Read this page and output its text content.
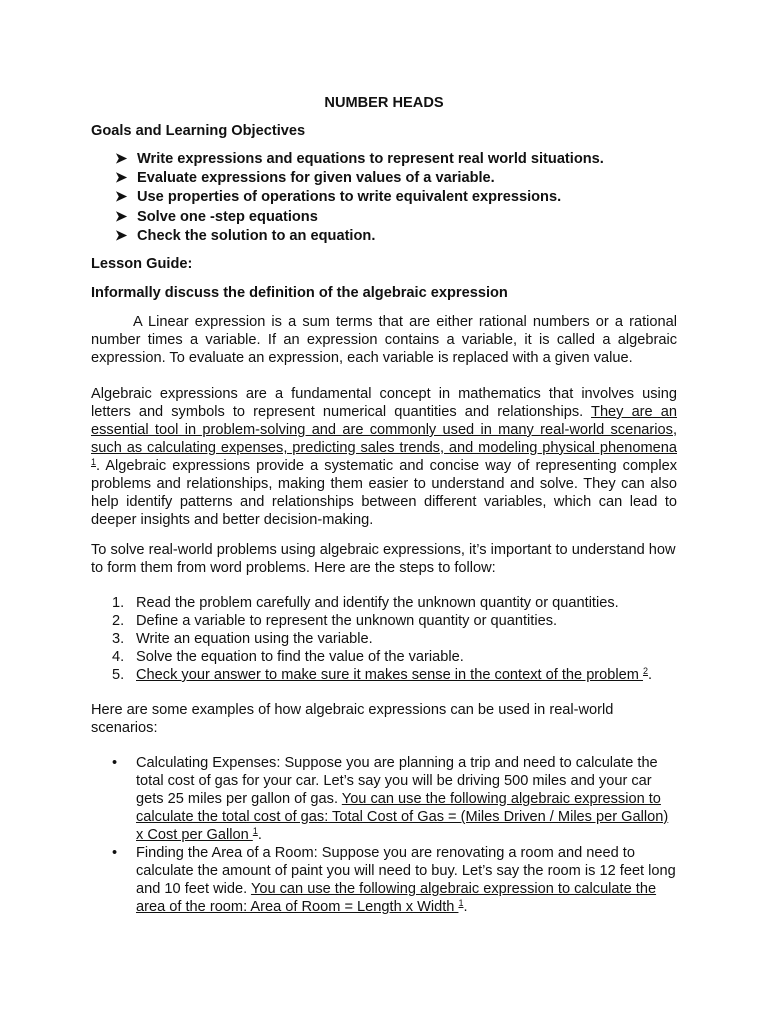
NUMBER HEADS

Goals and Learning Objectives

➤ Write expressions and equations to represent real world situations.
➤ Evaluate expressions for given values of a variable.
➤ Use properties of operations to write equivalent expressions.
➤ Solve one -step equations
➤ Check the solution to an equation.

Lesson Guide:

Informally discuss the definition of the algebraic expression

A Linear expression is a sum terms that are either rational numbers or a rational number times a variable. If an expression contains a variable, it is called a algebraic expression. To evaluate an expression, each variable is replaced with a given value.

Algebraic expressions are a fundamental concept in mathematics that involves using letters and symbols to represent numerical quantities and relationships. They are an essential tool in problem-solving and are commonly used in many real-world scenarios, such as calculating expenses, predicting sales trends, and modeling physical phenomena $^1$. Algebraic expressions provide a systematic and concise way of representing complex problems and relationships, making them easier to understand and solve. They can also help identify patterns and relationships between different variables, which can lead to deeper insights and better decision-making.

To solve real-world problems using algebraic expressions, it’s important to understand how to form them from word problems. Here are the steps to follow:

1. Read the problem carefully and identify the unknown quantity or quantities.
2. Define a variable to represent the unknown quantity or quantities.
3. Write an equation using the variable.
4. Solve the equation to find the value of the variable.
5. Check your answer to make sure it makes sense in the context of the problem $^2$.

Here are some examples of how algebraic expressions can be used in real-world scenarios:

• Calculating Expenses: Suppose you are planning a trip and need to calculate the total cost of gas for your car. Let’s say you will be driving 500 miles and your car gets 25 miles per gallon of gas. You can use the following algebraic expression to calculate the total cost of gas: Total Cost of Gas = (Miles Driven / Miles per Gallon) x Cost per Gallon $^1$.
• Finding the Area of a Room: Suppose you are renovating a room and need to calculate the amount of paint you will need to buy. Let’s say the room is 12 feet long and 10 feet wide. You can use the following algebraic expression to calculate the area of the room: Area of Room = Length x Width $^1$.
